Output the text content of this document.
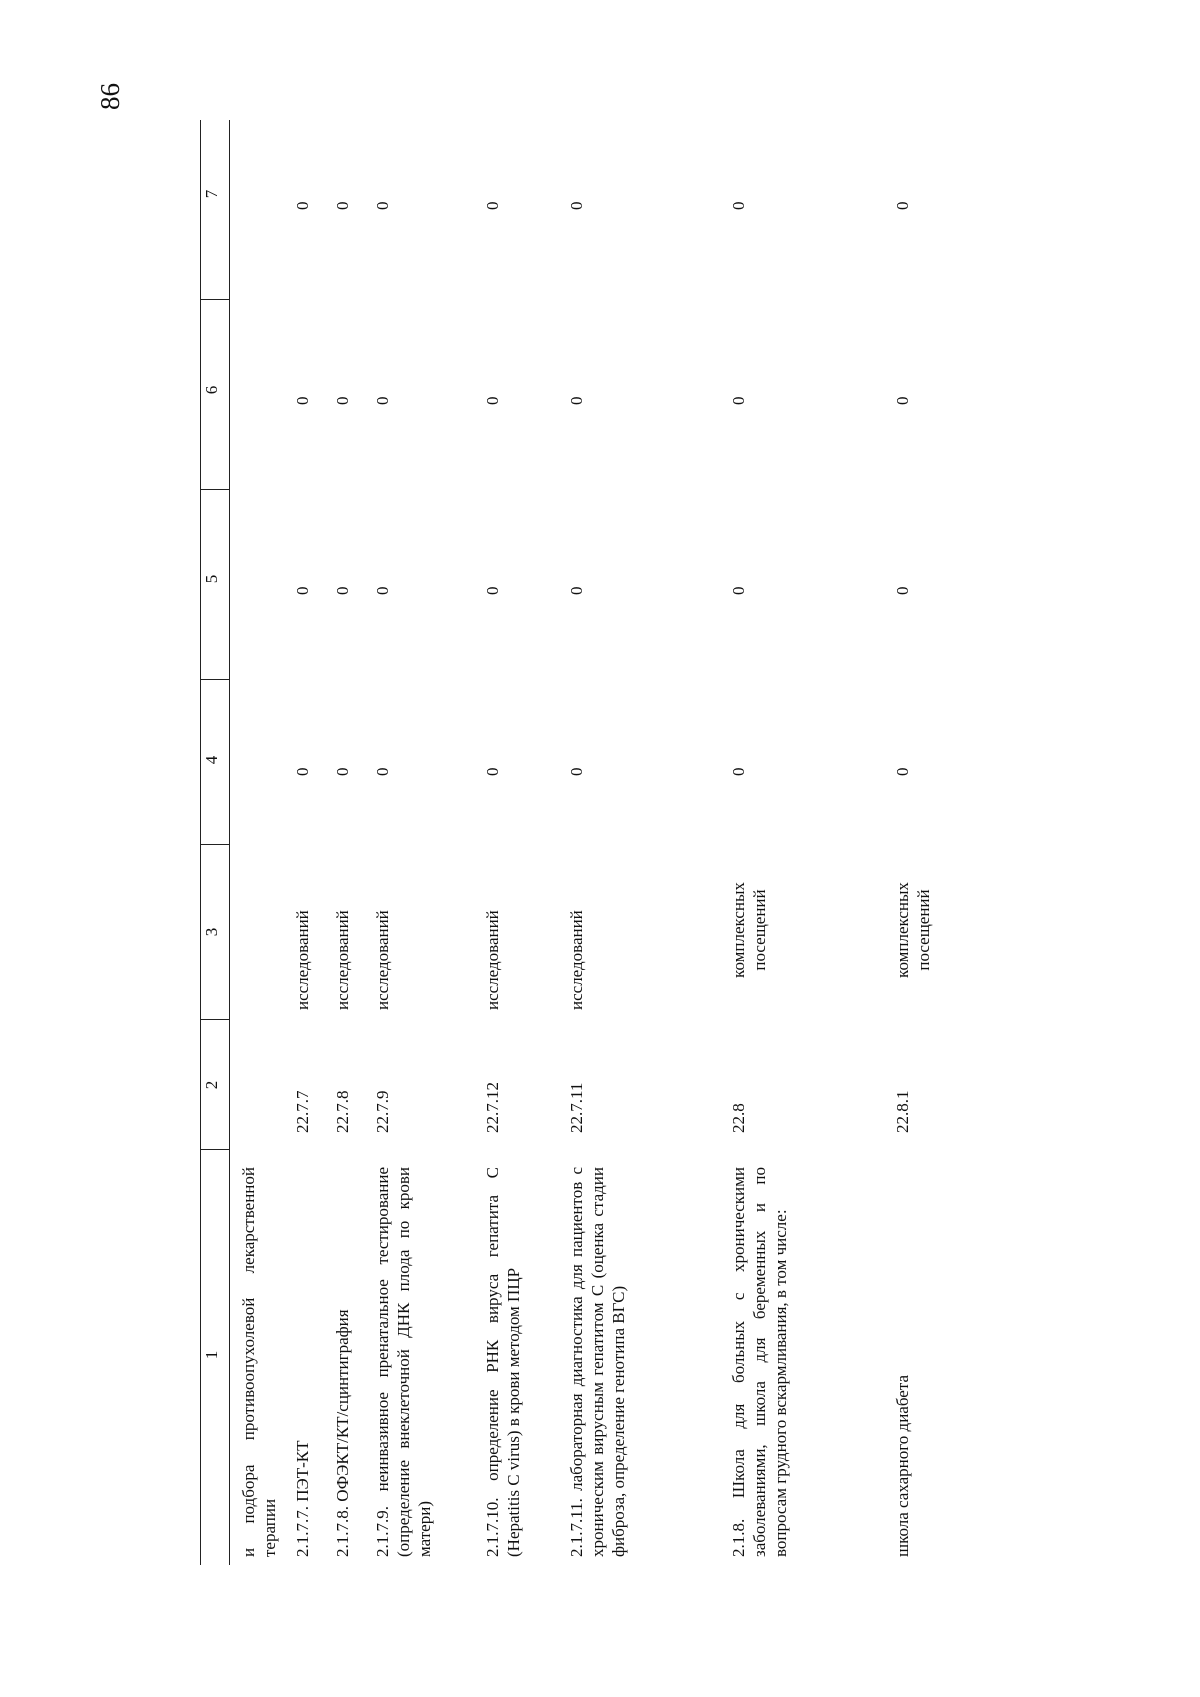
86
1
2
3
4
5
6
7
и подбора противоопухолевой лекарственной терапии 2.1.7.7. ПЭТ-КТ
22.7.7
исследований
0
0
0
0
2.1.7.8. ОФЭКТ/КТ/сцинтиграфия
22.7.8
исследований
0
0
0
0
2.1.7.9. неинвазивное пренатальное тестирование (определение внеклеточной ДНК плода по крови матери)
22.7.9
исследований
0
0
0
0
2.1.7.10. определение РНК вируса гепатита С (Hepatitis C virus) в крови методом ПЦР
22.7.12
исследований
0
0
0
0
2.1.7.11. лабораторная диагностика для пациентов с хроническим вирусным гепатитом С (оценка стадии фиброза, определение генотипа ВГС)
22.7.11
исследований
0
0
0
0
2.1.8. Школа для больных с хроническими заболеваниями, школа для беременных и по вопросам грудного вскармливания, в том числе:
22.8
комплексных посещений
0
0
0
0
школа сахарного диабета
22.8.1
комплексных посещений
0
0
0
0
